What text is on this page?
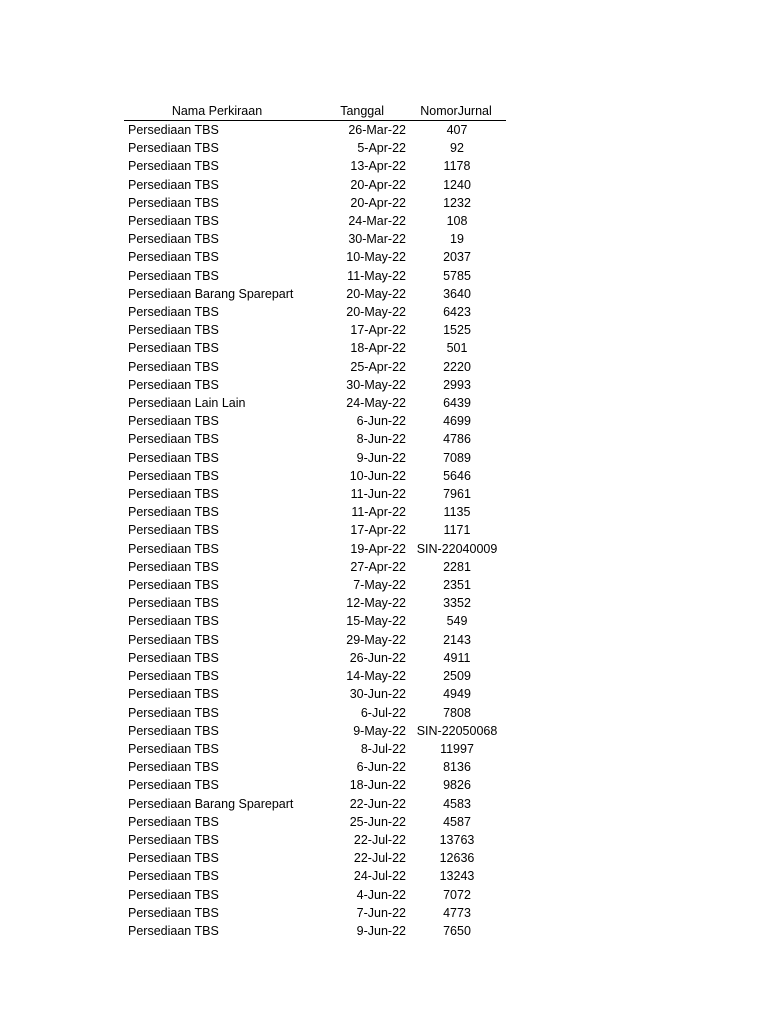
Nama Perkiraan	Tanggal	NomorJurnal
Persediaan TBS	26-Mar-22	407
Persediaan TBS	5-Apr-22	92
Persediaan TBS	13-Apr-22	1178
Persediaan TBS	20-Apr-22	1240
Persediaan TBS	20-Apr-22	1232
Persediaan TBS	24-Mar-22	108
Persediaan TBS	30-Mar-22	19
Persediaan TBS	10-May-22	2037
Persediaan TBS	11-May-22	5785
Persediaan Barang Sparepart	20-May-22	3640
Persediaan TBS	20-May-22	6423
Persediaan TBS	17-Apr-22	1525
Persediaan TBS	18-Apr-22	501
Persediaan TBS	25-Apr-22	2220
Persediaan TBS	30-May-22	2993
Persediaan Lain Lain	24-May-22	6439
Persediaan TBS	6-Jun-22	4699
Persediaan TBS	8-Jun-22	4786
Persediaan TBS	9-Jun-22	7089
Persediaan TBS	10-Jun-22	5646
Persediaan TBS	11-Jun-22	7961
Persediaan TBS	11-Apr-22	1135
Persediaan TBS	17-Apr-22	1171
Persediaan TBS	19-Apr-22	SIN-22040009
Persediaan TBS	27-Apr-22	2281
Persediaan TBS	7-May-22	2351
Persediaan TBS	12-May-22	3352
Persediaan TBS	15-May-22	549
Persediaan TBS	29-May-22	2143
Persediaan TBS	26-Jun-22	4911
Persediaan TBS	14-May-22	2509
Persediaan TBS	30-Jun-22	4949
Persediaan TBS	6-Jul-22	7808
Persediaan TBS	9-May-22	SIN-22050068
Persediaan TBS	8-Jul-22	11997
Persediaan TBS	6-Jun-22	8136
Persediaan TBS	18-Jun-22	9826
Persediaan Barang Sparepart	22-Jun-22	4583
Persediaan TBS	25-Jun-22	4587
Persediaan TBS	22-Jul-22	13763
Persediaan TBS	22-Jul-22	12636
Persediaan TBS	24-Jul-22	13243
Persediaan TBS	4-Jun-22	7072
Persediaan TBS	7-Jun-22	4773
Persediaan TBS	9-Jun-22	7650
